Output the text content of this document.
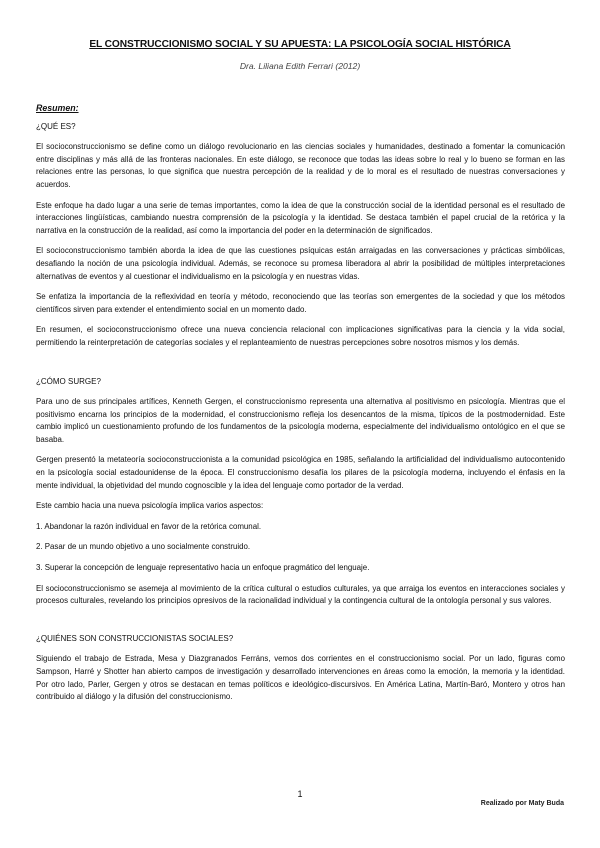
EL CONSTRUCCIONISMO SOCIAL Y SU APUESTA: LA PSICOLOGÍA SOCIAL HISTÓRICA
Dra. Liliana Edith Ferrari (2012)
Resumen:
¿QUÉ ES?

El socioconstruccionismo se define como un diálogo revolucionario en las ciencias sociales y humanidades, destinado a fomentar la comunicación entre disciplinas y más allá de las fronteras nacionales. En este diálogo, se reconoce que todas las ideas sobre lo real y lo bueno se forman en las relaciones entre las personas, lo que significa que nuestra percepción de la realidad y de lo moral es el resultado de nuestras conversaciones y acuerdos.

Este enfoque ha dado lugar a una serie de temas importantes, como la idea de que la construcción social de la identidad personal es el resultado de interacciones lingüísticas, cambiando nuestra comprensión de la psicología y la identidad. Se destaca también el papel crucial de la retórica y la narrativa en la construcción de la realidad, así como la importancia del poder en la determinación de significados.

El socioconstruccionismo también aborda la idea de que las cuestiones psíquicas están arraigadas en las conversaciones y prácticas simbólicas, desafiando la noción de una psicología individual. Además, se reconoce su promesa liberadora al abrir la posibilidad de múltiples interpretaciones alternativas de eventos y al cuestionar el individualismo en la psicología y en nuestras vidas.

Se enfatiza la importancia de la reflexividad en teoría y método, reconociendo que las teorías son emergentes de la sociedad y que los métodos científicos sirven para extender el entendimiento social en un momento dado.

En resumen, el socioconstruccionismo ofrece una nueva conciencia relacional con implicaciones significativas para la ciencia y la vida social, permitiendo la reinterpretación de categorías sociales y el replanteamiento de nuestras percepciones sobre nosotros mismos y los demás.

¿CÓMO SURGE?

Para uno de sus principales artífices, Kenneth Gergen, el construccionismo representa una alternativa al positivismo en psicología. Mientras que el positivismo encarna los principios de la modernidad, el construccionismo refleja los desencantos de la misma, típicos de la postmodernidad. Este cambio implicó un cuestionamiento profundo de los fundamentos de la psicología moderna, especialmente del individualismo ontológico en el que se basaba.

Gergen presentó la metateoría socioconstruccionista a la comunidad psicológica en 1985, señalando la artificialidad del individualismo autocontenido en la psicología social estadounidense de la época. El construccionismo desafía los pilares de la psicología moderna, incluyendo el énfasis en la mente individual, la objetividad del mundo cognoscible y la idea del lenguaje como portador de la verdad.

Este cambio hacia una nueva psicología implica varios aspectos:

1. Abandonar la razón individual en favor de la retórica comunal.

2. Pasar de un mundo objetivo a uno socialmente construido.

3. Superar la concepción de lenguaje representativo hacia un enfoque pragmático del lenguaje.

El socioconstruccionismo se asemeja al movimiento de la crítica cultural o estudios culturales, ya que arraiga los eventos en interacciones sociales y procesos culturales, revelando los principios opresivos de la racionalidad individual y la contingencia cultural de la ontología personal y sus valores.

¿QUIÉNES SON CONSTRUCCIONISTAS SOCIALES?

Siguiendo el trabajo de Estrada, Mesa y Diazgranados Ferráns, vemos dos corrientes en el construccionismo social. Por un lado, figuras como Sampson, Harré y Shotter han abierto campos de investigación y desarrollado intervenciones en áreas como la emoción, la memoria y la identidad. Por otro lado, Parler, Gergen y otros se destacan en temas políticos e ideológico-discursivos. En América Latina, Martín-Baró, Montero y otros han contribuido al diálogo y la difusión del construccionismo.

1
Realizado por Maty Buda
